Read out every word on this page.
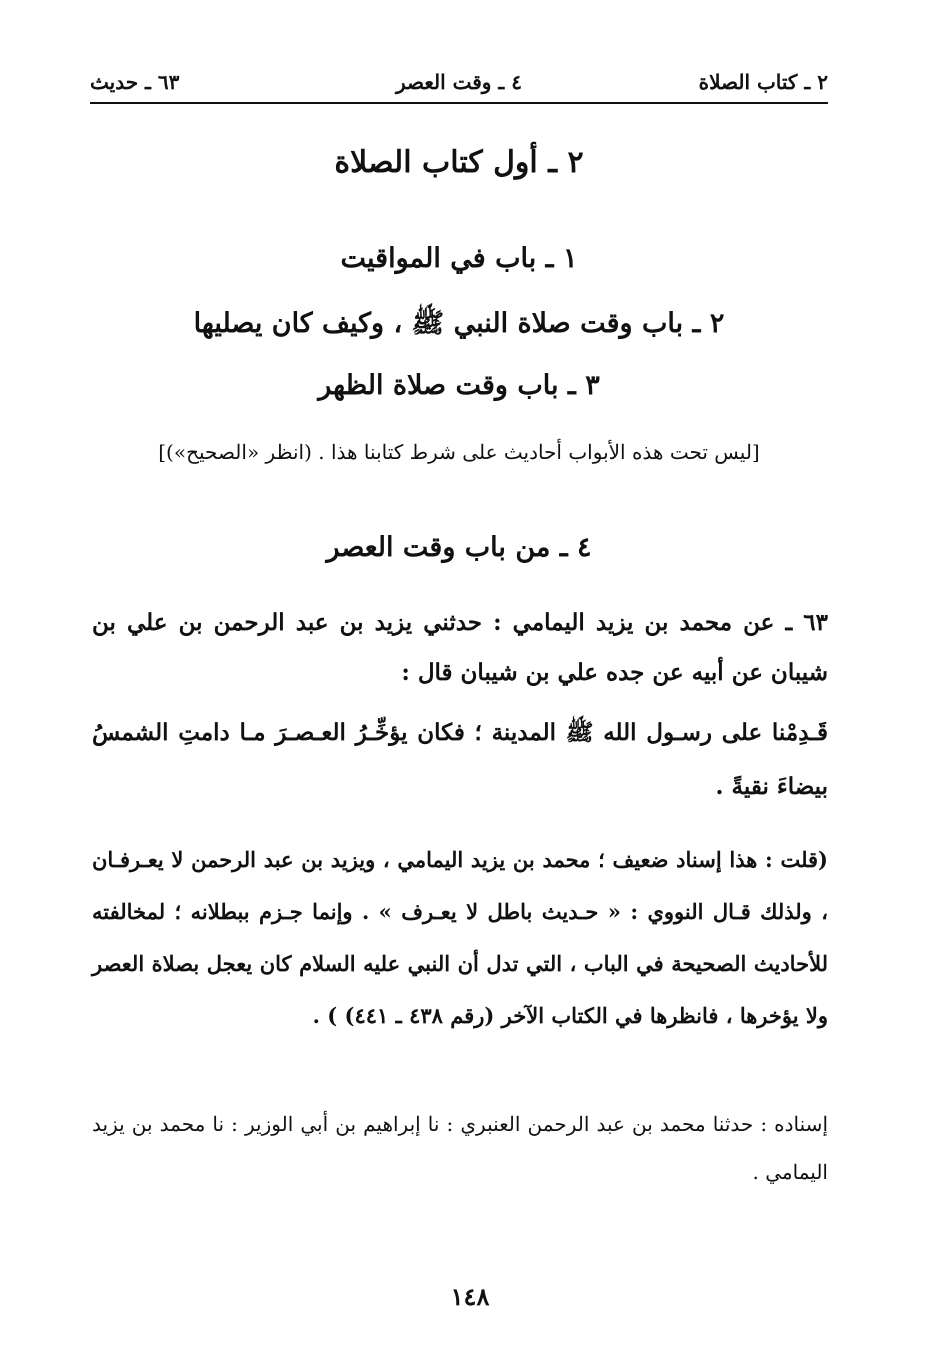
٢ ـ كتاب الصلاة
٤ ـ وقت العصر
٦٣ ـ حديث
٢ ـ أول كتاب الصلاة
١ ـ باب في المواقيت
٢ ـ باب وقت صلاة النبي ﷺ ، وكيف كان يصليها
٣ ـ باب وقت صلاة الظهر
[ليس تحت هذه الأبواب أحاديث على شرط كتابنا هذا . (انظر «الصحيح»)]
٤ ـ من باب وقت العصر
٦٣ ـ عن محمد بن يزيد اليمامي : حدثني يزيد بن عبد الرحمن بن علي بن شيبان عن أبيه عن جده علي بن شيبان قال :
قَـدِمْنا على رسـول الله ﷺ المدينة ؛ فكان يؤخِّـرُ العـصـرَ مـا دامتِ الشمسُ بيضاءَ نقيةً .
(قلت : هذا إسناد ضعيف ؛ محمد بن يزيد اليمامي ، ويزيد بن عبد الرحمن لا يعـرفـان ، ولذلك قـال النووي : « حـديث باطل لا يعـرف » . وإنما جـزم ببطلانه ؛ لمخالفته للأحاديث الصحيحة في الباب ، التي تدل أن النبي عليه السلام كان يعجل بصلاة العصر ولا يؤخرها ، فانظرها في الكتاب الآخر (رقم ٤٣٨ ـ ٤٤١) ) .
إسناده : حدثنا محمد بن عبد الرحمن العنبري : نا إبراهيم بن أبي الوزير : نا محمد بن يزيد اليمامي .
١٤٨
